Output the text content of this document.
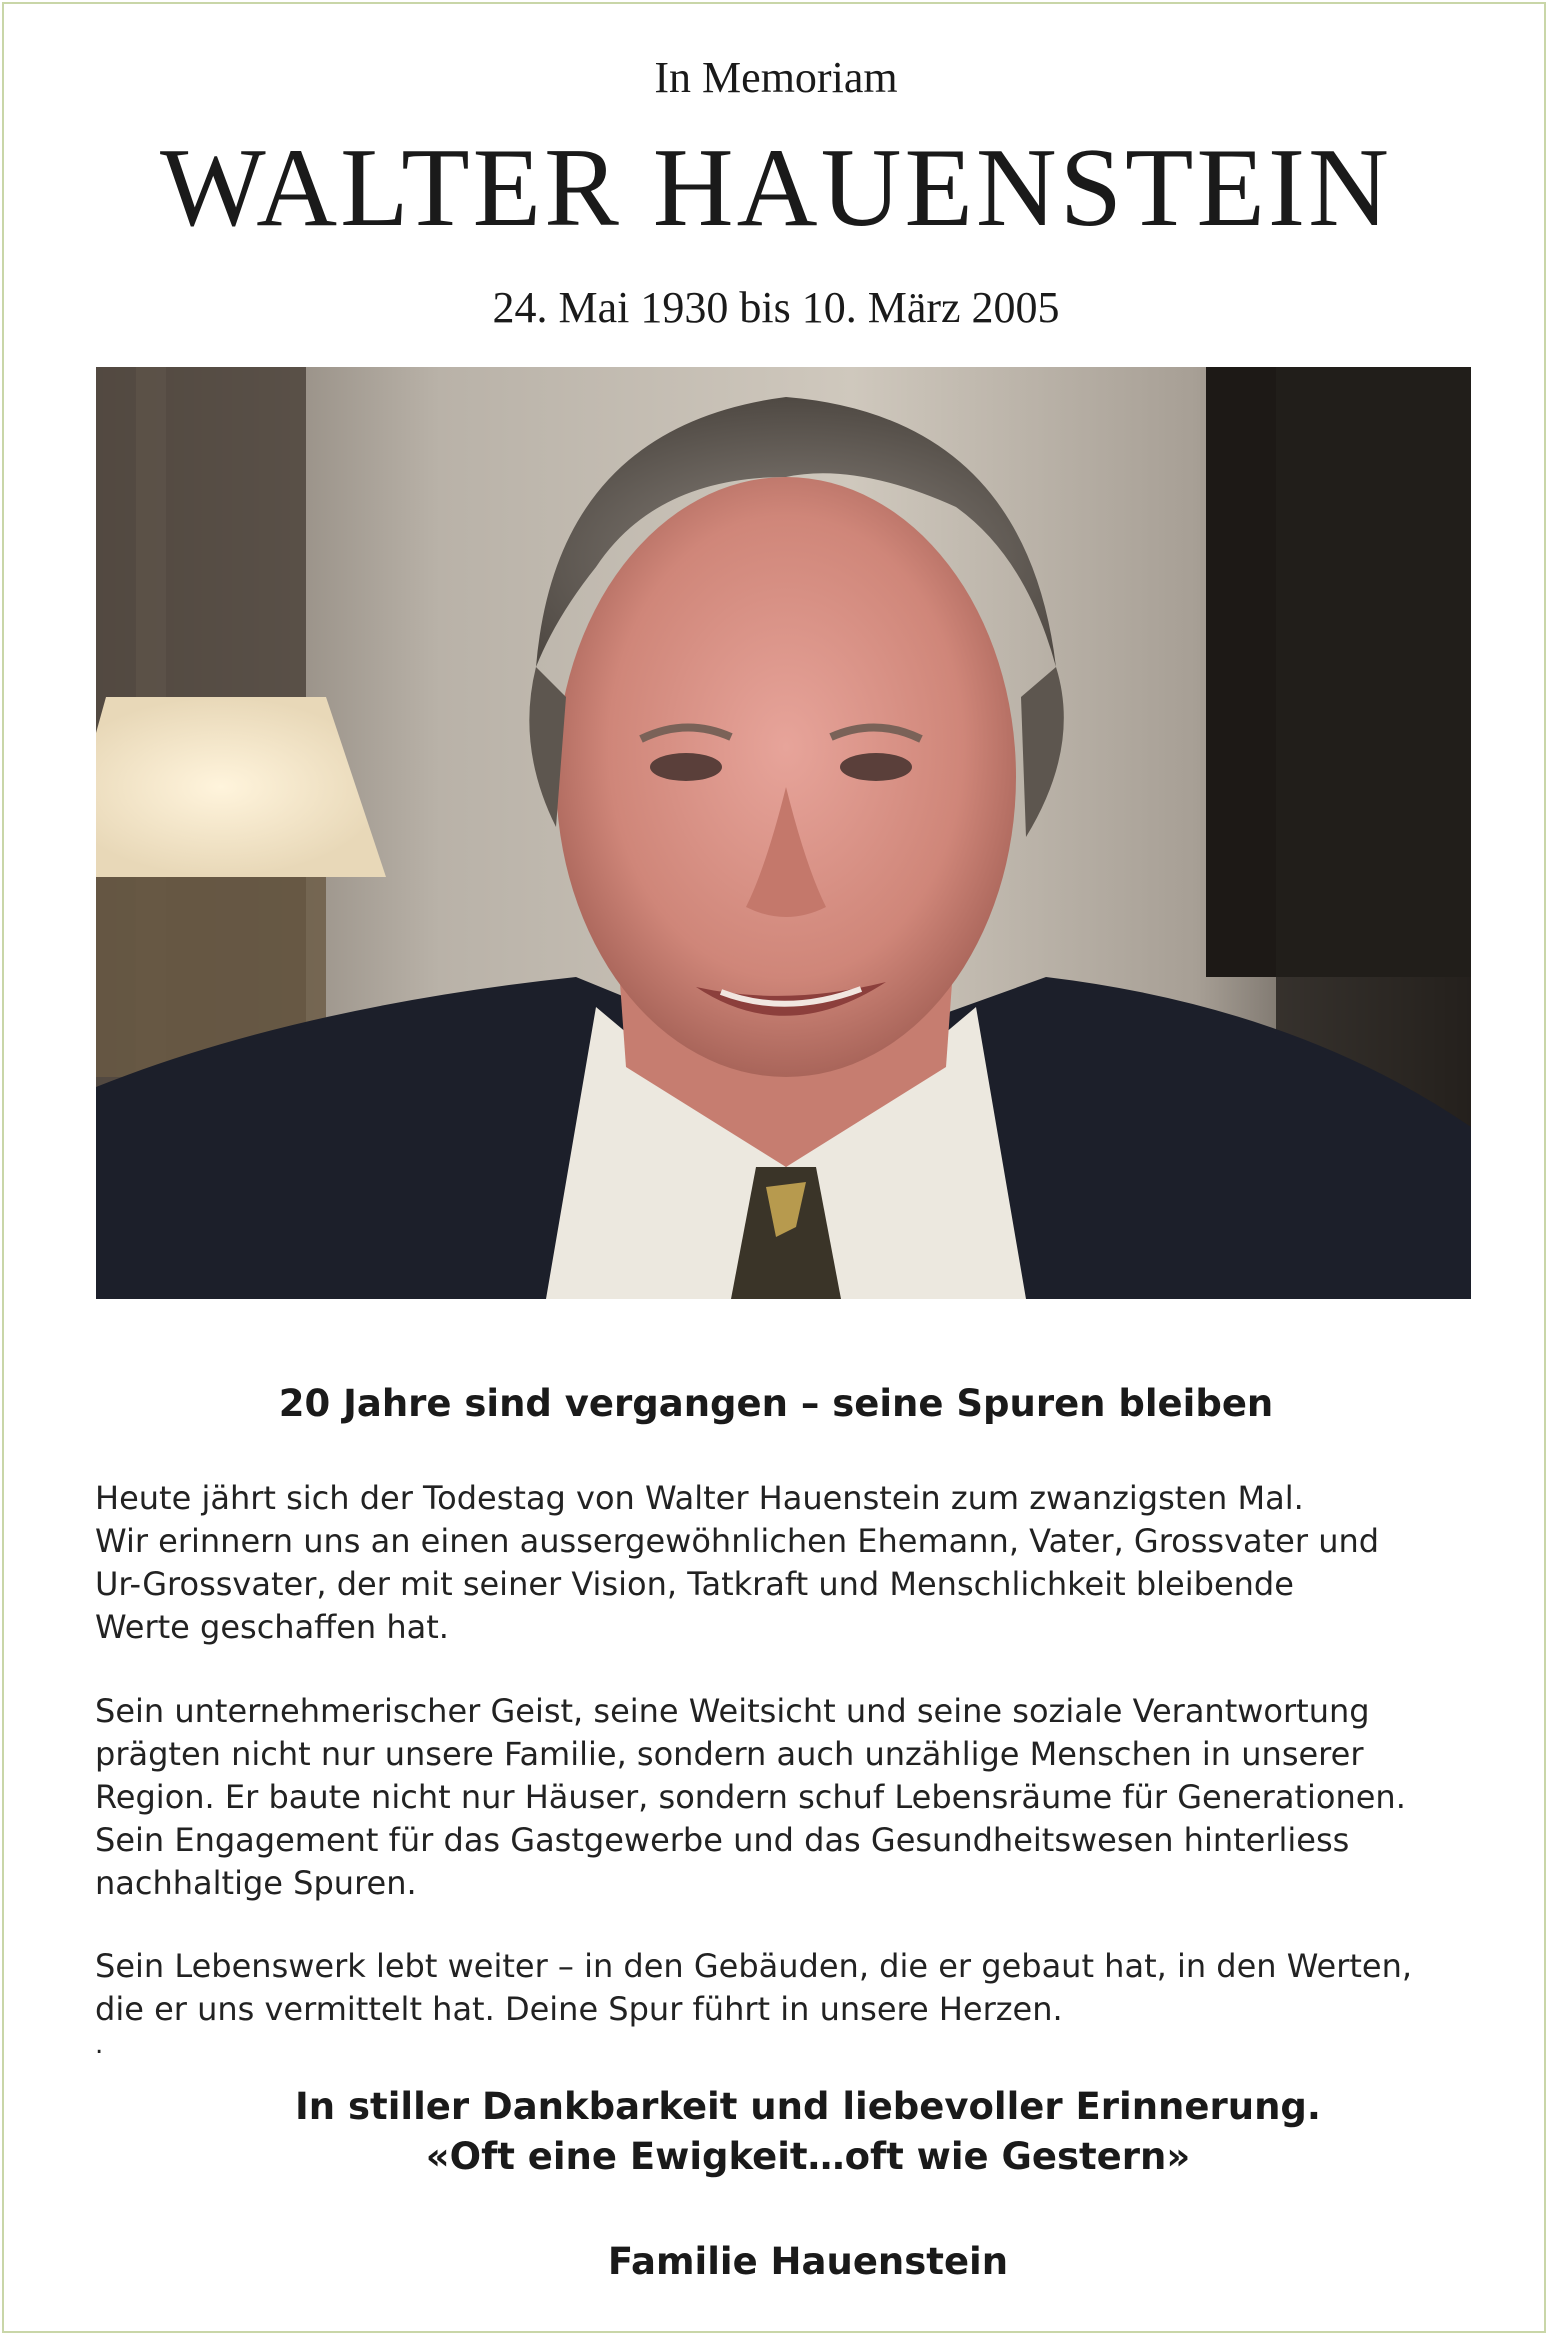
In Memoriam
WALTER HAUENSTEIN
24. Mai 1930 bis 10. März 2005
20 Jahre sind vergangen – seine Spuren bleiben
Heute jährt sich der Todestag von Walter Hauenstein zum zwanzigsten Mal.
Wir erinnern uns an einen aussergewöhnlichen Ehemann, Vater, Grossvater und
Ur-Grossvater, der mit seiner Vision, Tatkraft und Menschlichkeit bleibende
Werte geschaffen hat.
Sein unternehmerischer Geist, seine Weitsicht und seine soziale Verantwortung
prägten nicht nur unsere Familie, sondern auch unzählige Menschen in unserer
Region. Er baute nicht nur Häuser, sondern schuf Lebensräume für Generationen.
Sein Engagement für das Gastgewerbe und das Gesundheitswesen hinterliess
nachhaltige Spuren.
Sein Lebenswerk lebt weiter – in den Gebäuden, die er gebaut hat, in den Werten,
die er uns vermittelt hat. Deine Spur führt in unsere Herzen.
.
In stiller Dankbarkeit und liebevoller Erinnerung.
«Oft eine Ewigkeit…oft wie Gestern»
Familie Hauenstein
